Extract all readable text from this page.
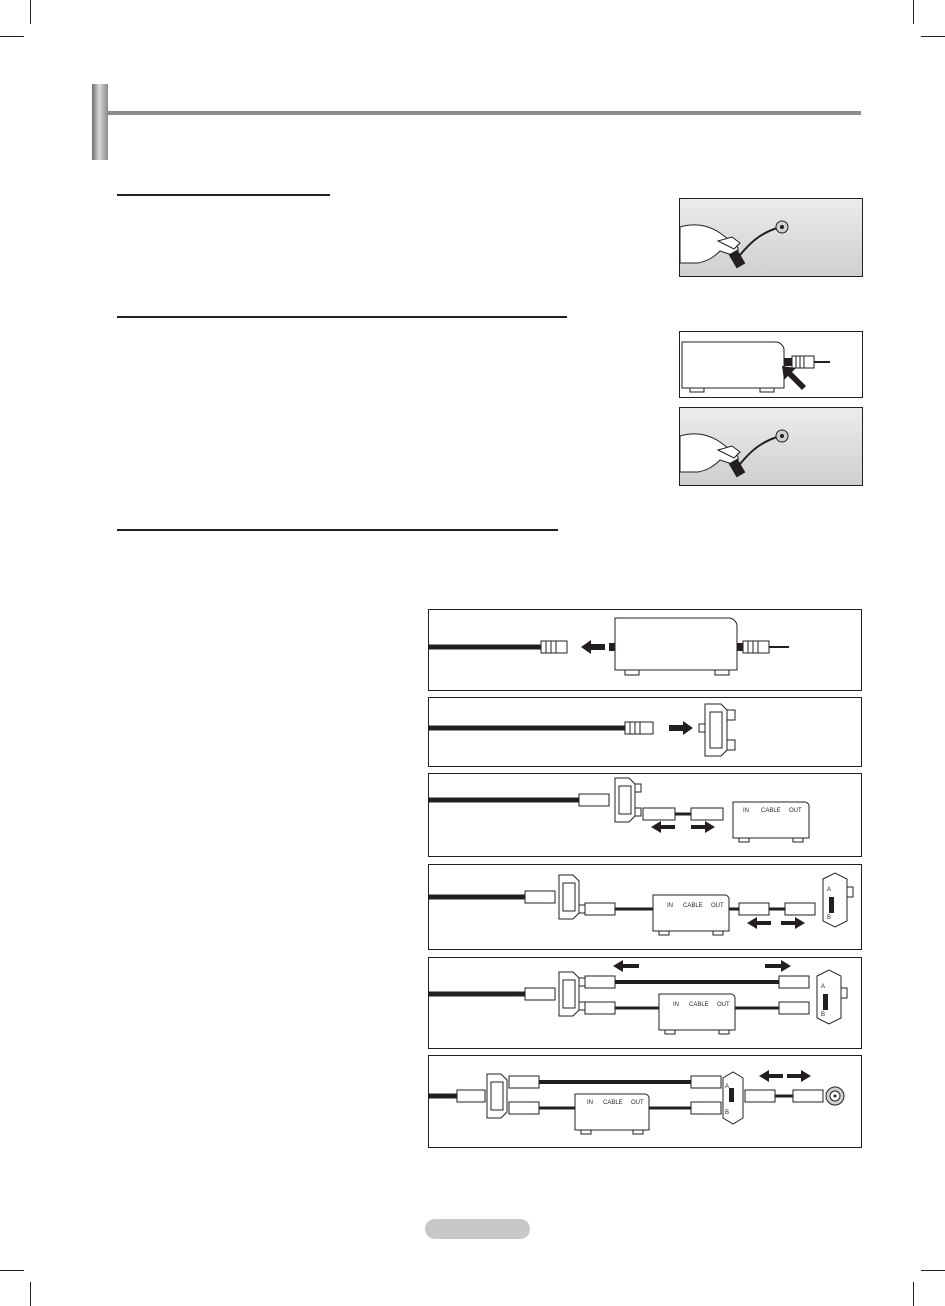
IN CABLE OUT
IN CABLE OUT
A
B
IN CABLE OUT
A
B
IN CABLE OUT
A
B
